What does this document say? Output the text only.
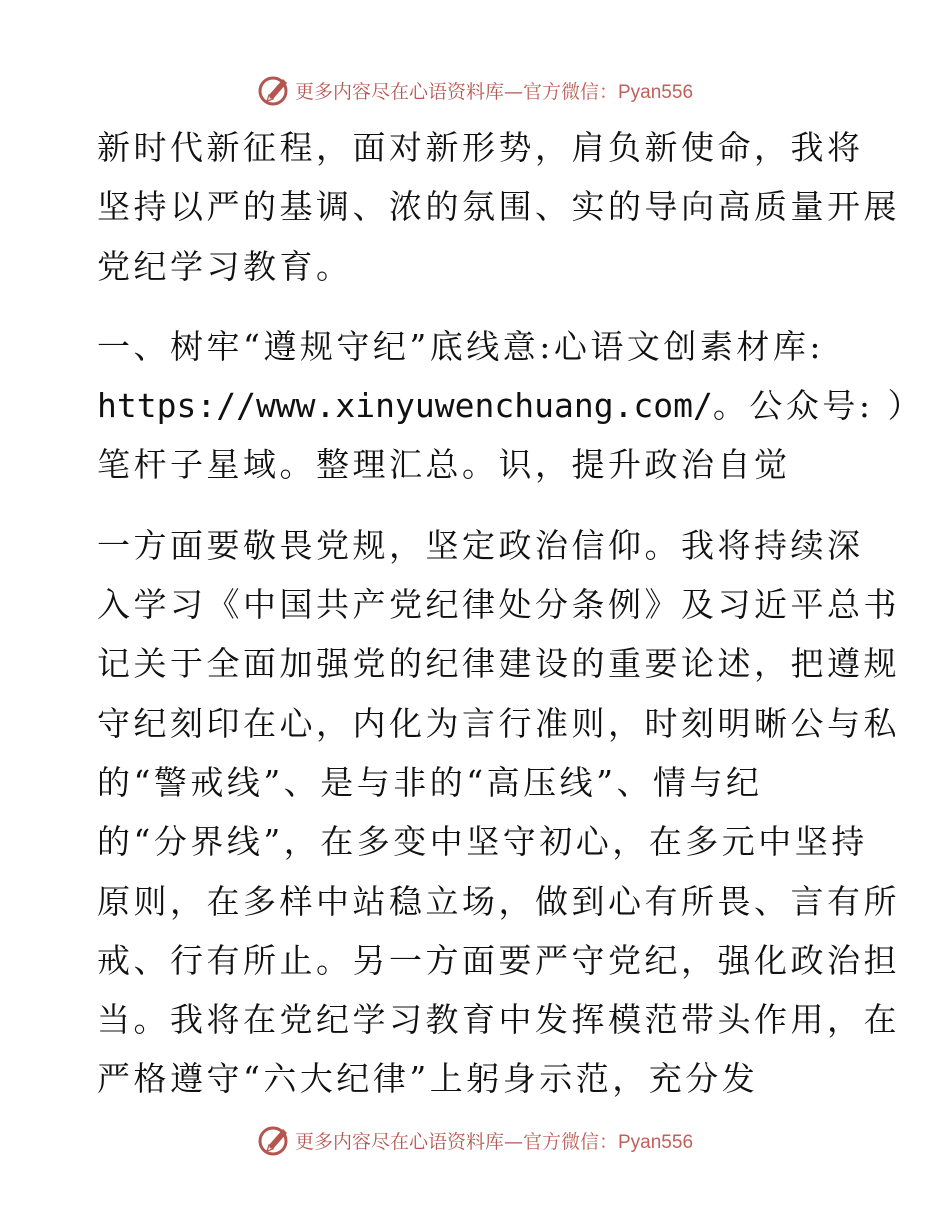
更多内容尽在心语资料库—官方微信：Pyan556
新时代新征程，面对新形势，肩负新使命，我将
坚持以严的基调、浓的氛围、实的导向高质量开展
党纪学习教育。
一、树牢“遵规守纪”底线意:心语文创素材库:
https://www.xinyuwenchuang.com/。公众号: ）
笔杆子星域。整理汇总。识，提升政治自觉
一方面要敬畏党规，坚定政治信仰。我将持续深
入学习《中国共产党纪律处分条例》及习近平总书
记关于全面加强党的纪律建设的重要论述，把遵规
守纪刻印在心，内化为言行准则，时刻明晰公与私
的“警戒线”、是与非的“高压线”、情与纪
的“分界线”，在多变中坚守初心，在多元中坚持
原则，在多样中站稳立场，做到心有所畏、言有所
戒、行有所止。另一方面要严守党纪，强化政治担
当。我将在党纪学习教育中发挥模范带头作用，在
严格遵守“六大纪律”上躬身示范，充分发
更多内容尽在心语资料库—官方微信：Pyan556
